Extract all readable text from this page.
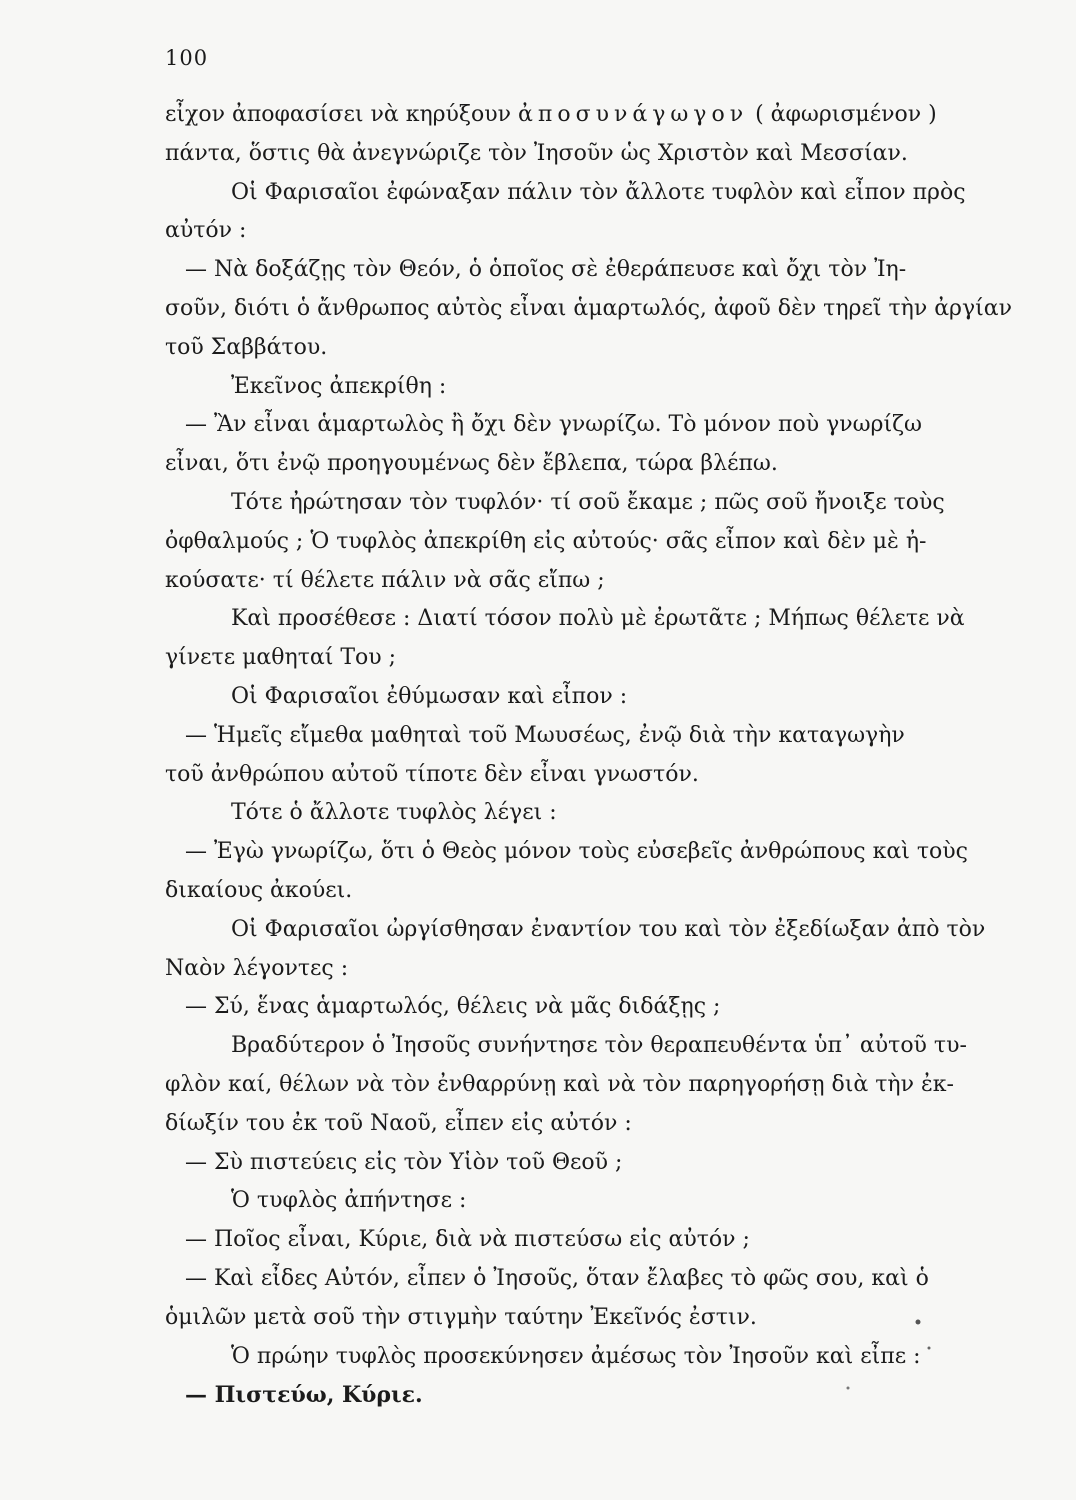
100
εἶχον ἀποφασίσει νὰ κηρύξουν ἀποσυνάγωγον ( ἀφωρισμένον )
πάντα, ὅστις θὰ ἀνεγνώριζε τὸν Ἰησοῦν ὡς Χριστὸν καὶ Μεσσίαν.
Οἱ Φαρισαῖοι ἐφώναξαν πάλιν τὸν ἄλλοτε τυφλὸν καὶ εἶπον πρὸς
αὐτόν :
— Νὰ δοξάζῃς τὸν Θεόν, ὁ ὁποῖος σὲ ἐθεράπευσε καὶ ὄχι τὸν Ἰη-
σοῦν, διότι ὁ ἄνθρωπος αὐτὸς εἶναι ἁμαρτωλός, ἀφοῦ δὲν τηρεῖ τὴν ἀργίαν
τοῦ Σαββάτου.
Ἐκεῖνος ἀπεκρίθη :
— Ἂν εἶναι ἁμαρτωλὸς ἢ ὄχι δὲν γνωρίζω. Τὸ μόνον ποὺ γνωρίζω
εἶναι, ὅτι ἐνῷ προηγουμένως δὲν ἔβλεπα, τώρα βλέπω.
Τότε ἠρώτησαν τὸν τυφλόν· τί σοῦ ἔκαμε ; πῶς σοῦ ἤνοιξε τοὺς
ὀφθαλμούς ; Ὁ τυφλὸς ἀπεκρίθη εἰς αὐτούς· σᾶς εἶπον καὶ δὲν μὲ ἠ-
κούσατε· τί θέλετε πάλιν νὰ σᾶς εἴπω ;
Καὶ προσέθεσε : Διατί τόσον πολὺ μὲ ἐρωτᾶτε ; Μήπως θέλετε νὰ
γίνετε μαθηταί Του ;
Οἱ Φαρισαῖοι ἐθύμωσαν καὶ εἶπον :
— Ἡμεῖς εἴμεθα μαθηταὶ τοῦ Μωυσέως, ἐνῷ διὰ τὴν καταγωγὴν
τοῦ ἀνθρώπου αὐτοῦ τίποτε δὲν εἶναι γνωστόν.
Τότε ὁ ἄλλοτε τυφλὸς λέγει :
— Ἐγὼ γνωρίζω, ὅτι ὁ Θεὸς μόνον τοὺς εὐσεβεῖς ἀνθρώπους καὶ τοὺς
δικαίους ἀκούει.
Οἱ Φαρισαῖοι ὠργίσθησαν ἐναντίον του καὶ τὸν ἐξεδίωξαν ἀπὸ τὸν
Ναὸν λέγοντες :
— Σύ, ἕνας ἁμαρτωλός, θέλεις νὰ μᾶς διδάξῃς ;
Βραδύτερον ὁ Ἰησοῦς συνήντησε τὸν θεραπευθέντα ὑπ᾽ αὐτοῦ τυ-
φλὸν καί, θέλων νὰ τὸν ἐνθαρρύνῃ καὶ νὰ τὸν παρηγορήσῃ διὰ τὴν ἐκ-
δίωξίν του ἐκ τοῦ Ναοῦ, εἶπεν εἰς αὐτόν :
— Σὺ πιστεύεις εἰς τὸν Υἱὸν τοῦ Θεοῦ ;
Ὁ τυφλὸς ἀπήντησε :
— Ποῖος εἶναι, Κύριε, διὰ νὰ πιστεύσω εἰς αὐτόν ;
— Καὶ εἶδες Αὐτόν, εἶπεν ὁ Ἰησοῦς, ὅταν ἔλαβες τὸ φῶς σου, καὶ ὁ
ὁμιλῶν μετὰ σοῦ τὴν στιγμὴν ταύτην Ἐκεῖνός ἐστιν.
Ὁ πρώην τυφλὸς προσεκύνησεν ἀμέσως τὸν Ἰησοῦν καὶ εἶπε :
— Πιστεύω, Κύριε.
